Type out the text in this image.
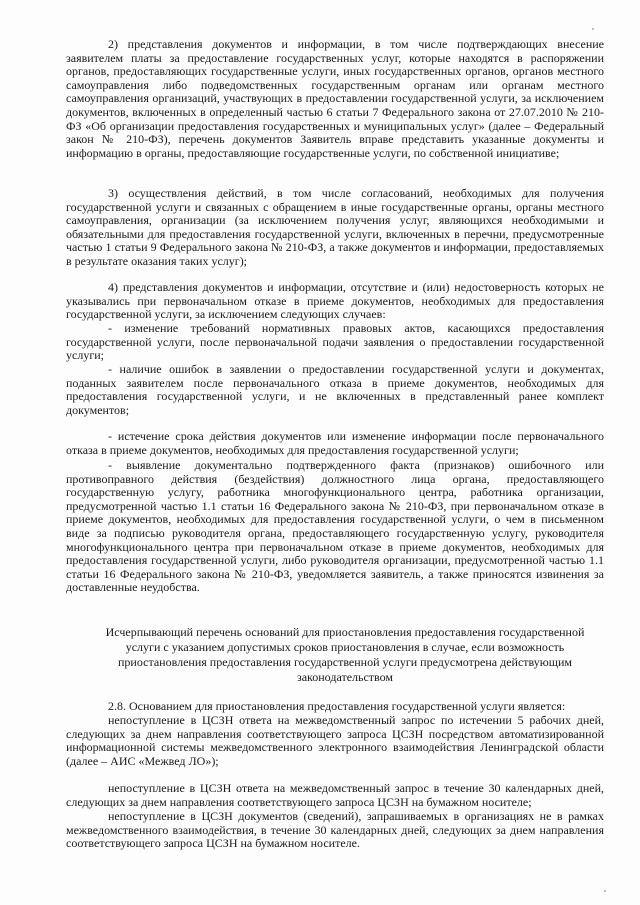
2) представления документов и информации, в том числе подтверждающих внесение заявителем платы за предоставление государственных услуг, которые находятся в распоряжении органов, предоставляющих государственные услуги, иных государственных органов, органов местного самоуправления либо подведомственных государственным органам или органам местного самоуправления организаций, участвующих в предоставлении государственной услуги, за исключением документов, включенных в определенный частью 6 статьи 7 Федерального закона от 27.07.2010 № 210-ФЗ «Об организации предоставления государственных и муниципальных услуг» (далее – Федеральный закон № 210-ФЗ), перечень документов Заявитель вправе представить указанные документы и информацию в органы, предоставляющие государственные услуги, по собственной инициативе;

3) осуществления действий, в том числе согласований, необходимых для получения государственной услуги и связанных с обращением в иные государственные органы, органы местного самоуправления, организации (за исключением получения услуг, являющихся необходимыми и обязательными для предоставления государственной услуги, включенных в перечни, предусмотренные частью 1 статьи 9 Федерального закона № 210-ФЗ, а также документов и информации, предоставляемых в результате оказания таких услуг);

4) представления документов и информации, отсутствие и (или) недостоверность которых не указывались при первоначальном отказе в приеме документов, необходимых для предоставления государственной услуги, за исключением следующих случаев:

- изменение требований нормативных правовых актов, касающихся предоставления государственной услуги, после первоначальной подачи заявления о предоставлении государственной услуги;

- наличие ошибок в заявлении о предоставлении государственной услуги и документах, поданных заявителем после первоначального отказа в приеме документов, необходимых для предоставления государственной услуги, и не включенных в представленный ранее комплект документов;

- истечение срока действия документов или изменение информации после первоначального отказа в приеме документов, необходимых для предоставления государственной услуги;

- выявление документально подтвержденного факта (признаков) ошибочного или противоправного действия (бездействия) должностного лица органа, предоставляющего государственную услугу, работника многофункционального центра, работника организации, предусмотренной частью 1.1 статьи 16 Федерального закона № 210-ФЗ, при первоначальном отказе в приеме документов, необходимых для предоставления государственной услуги, о чем в письменном виде за подписью руководителя органа, предоставляющего государственную услугу, руководителя многофункционального центра при первоначальном отказе в приеме документов, необходимых для предоставления государственной услуги, либо руководителя организации, предусмотренной частью 1.1 статьи 16 Федерального закона № 210-ФЗ, уведомляется заявитель, а также приносятся извинения за доставленные неудобства.

Исчерпывающий перечень оснований для приостановления предоставления государственной услуги с указанием допустимых сроков приостановления в случае, если возможность приостановления предоставления государственной услуги предусмотрена действующим законодательством

2.8. Основанием для приостановления предоставления государственной услуги является:

непоступление в ЦСЗН ответа на межведомственный запрос по истечении 5 рабочих дней, следующих за днем направления соответствующего запроса ЦСЗН посредством автоматизированной информационной системы межведомственного электронного взаимодействия Ленинградской области (далее – АИС «Межвед ЛО»);

непоступление в ЦСЗН ответа на межведомственный запрос в течение 30 календарных дней, следующих за днем направления соответствующего запроса ЦСЗН на бумажном носителе;

непоступление в ЦСЗН документов (сведений), запрашиваемых в организациях не в рамках межведомственного взаимодействия, в течение 30 календарных дней, следующих за днем направления соответствующего запроса ЦСЗН на бумажном носителе.
